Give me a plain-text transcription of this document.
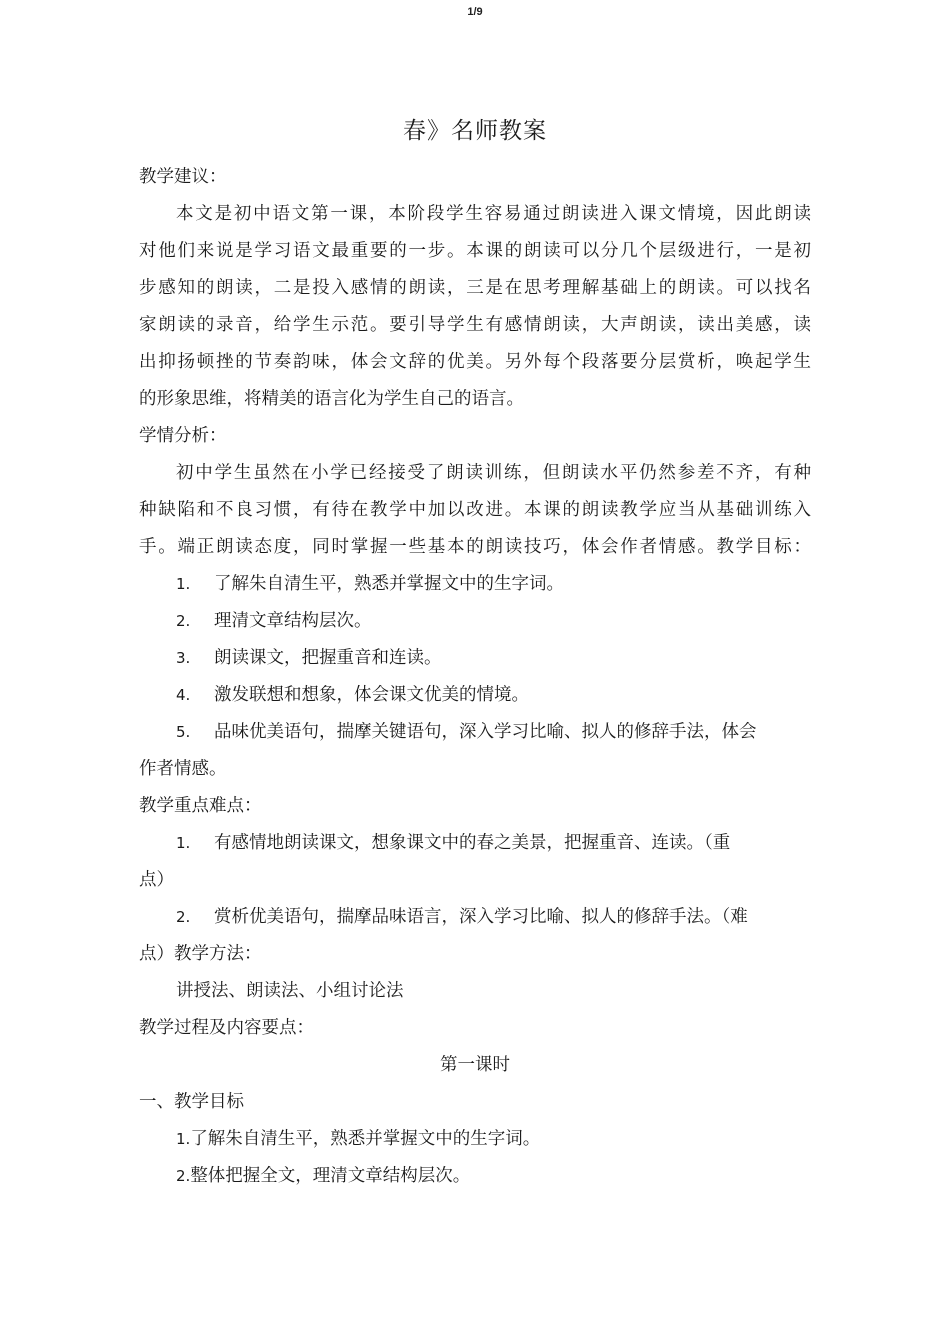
1/9
春》名师教案
教学建议：
本文是初中语文第一课，本阶段学生容易通过朗读进入课文情境，因此朗读
对他们来说是学习语文最重要的一步。本课的朗读可以分几个层级进行，一是初
步感知的朗读，二是投入感情的朗读，三是在思考理解基础上的朗读。可以找名
家朗读的录音，给学生示范。要引导学生有感情朗读，大声朗读，读出美感，读
出抑扬顿挫的节奏韵味，体会文辞的优美。另外每个段落要分层赏析，唤起学生
的形象思维，将精美的语言化为学生自己的语言。
学情分析：
初中学生虽然在小学已经接受了朗读训练，但朗读水平仍然参差不齐，有种
种缺陷和不良习惯，有待在教学中加以改进。本课的朗读教学应当从基础训练入
手。端正朗读态度，同时掌握一些基本的朗读技巧，体会作者情感。教学目标：
1. 了解朱自清生平，熟悉并掌握文中的生字词。
2. 理清文章结构层次。
3. 朗读课文，把握重音和连读。
4. 激发联想和想象，体会课文优美的情境。
5. 品味优美语句，揣摩关键语句，深入学习比喻、拟人的修辞手法，体会
作者情感。
教学重点难点：
1. 有感情地朗读课文，想象课文中的春之美景，把握重音、连读。（重
点）
2. 赏析优美语句，揣摩品味语言，深入学习比喻、拟人的修辞手法。（难
点）教学方法：
讲授法、朗读法、小组讨论法
教学过程及内容要点：
第一课时
一、教学目标
1.了解朱自清生平，熟悉并掌握文中的生字词。
2.整体把握全文，理清文章结构层次。
